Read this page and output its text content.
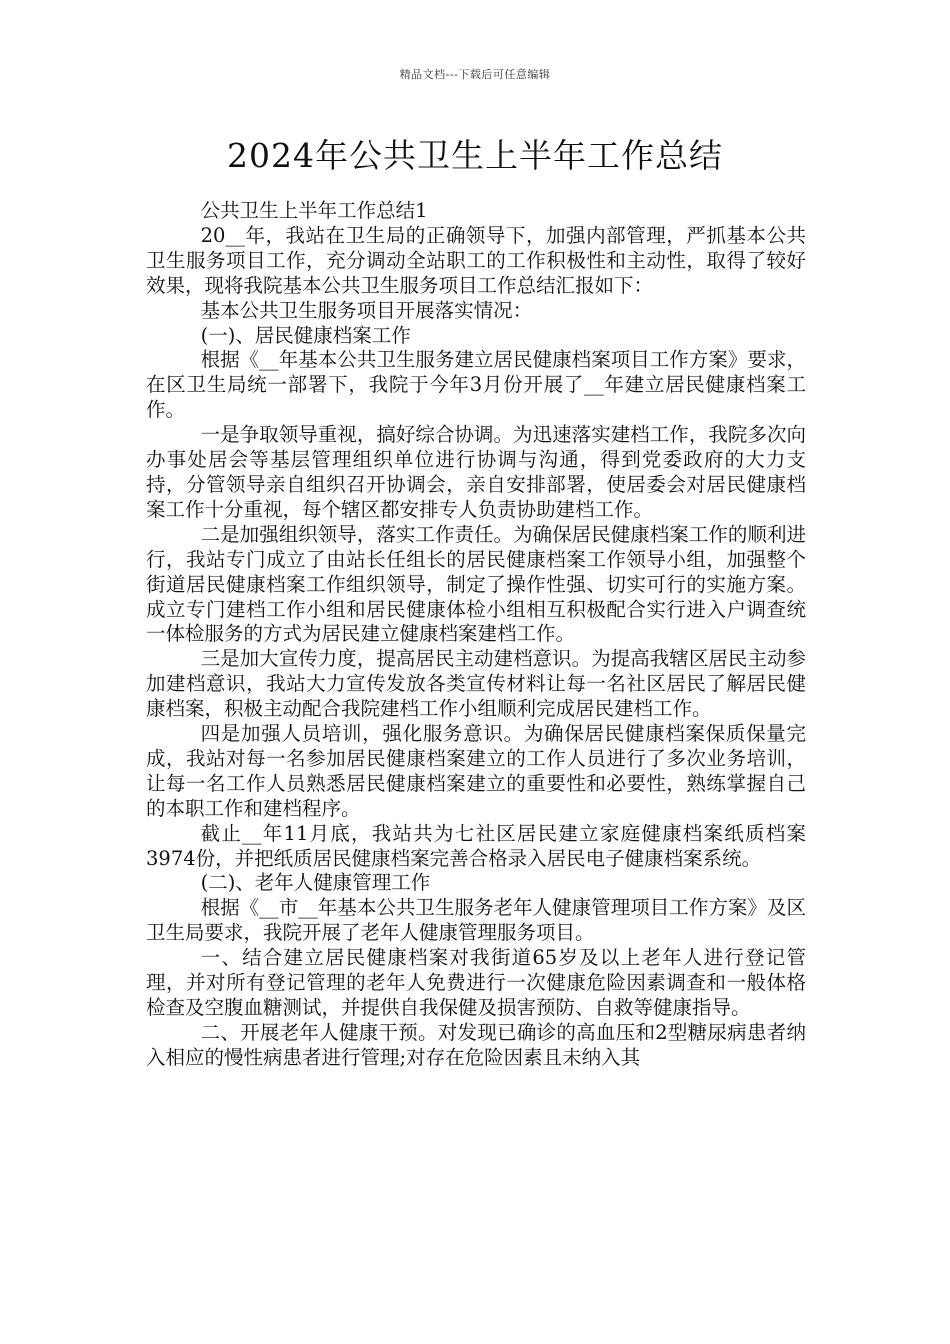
精品文档---下载后可任意编辑
2024年公共卫生上半年工作总结

公共卫生上半年工作总结1

20__年，我站在卫生局的正确领导下，加强内部管理，严抓基本公共卫生服务项目工作，充分调动全站职工的工作积极性和主动性，取得了较好效果，现将我院基本公共卫生服务项目工作总结汇报如下：

基本公共卫生服务项目开展落实情况：

(一)、居民健康档案工作

根据《__年基本公共卫生服务建立居民健康档案项目工作方案》要求，在区卫生局统一部署下，我院于今年3月份开展了__年建立居民健康档案工作。

一是争取领导重视，搞好综合协调。为迅速落实建档工作，我院多次向办事处居会等基层管理组织单位进行协调与沟通，得到党委政府的大力支持，分管领导亲自组织召开协调会，亲自安排部署，使居委会对居民健康档案工作十分重视，每个辖区都安排专人负责协助建档工作。

二是加强组织领导，落实工作责任。为确保居民健康档案工作的顺利进行，我站专门成立了由站长任组长的居民健康档案工作领导小组，加强整个街道居民健康档案工作组织领导，制定了操作性强、切实可行的实施方案。成立专门建档工作小组和居民健康体检小组相互积极配合实行进入户调查统一体检服务的方式为居民建立健康档案建档工作。

三是加大宣传力度，提高居民主动建档意识。为提高我辖区居民主动参加建档意识，我站大力宣传发放各类宣传材料让每一名社区居民了解居民健康档案，积极主动配合我院建档工作小组顺利完成居民建档工作。

四是加强人员培训，强化服务意识。为确保居民健康档案保质保量完成，我站对每一名参加居民健康档案建立的工作人员进行了多次业务培训，让每一名工作人员熟悉居民健康档案建立的重要性和必要性，熟练掌握自己的本职工作和建档程序。

截止__年11月底，我站共为七社区居民建立家庭健康档案纸质档案3974份，并把纸质居民健康档案完善合格录入居民电子健康档案系统。

(二)、老年人健康管理工作

根据《__市__年基本公共卫生服务老年人健康管理项目工作方案》及区卫生局要求，我院开展了老年人健康管理服务项目。

一、结合建立居民健康档案对我街道65岁及以上老年人进行登记管理，并对所有登记管理的老年人免费进行一次健康危险因素调查和一般体格检查及空腹血糖测试，并提供自我保健及损害预防、自救等健康指导。

二、开展老年人健康干预。对发现已确诊的高血压和2型糖尿病患者纳入相应的慢性病患者进行管理;对存在危险因素且未纳入其
